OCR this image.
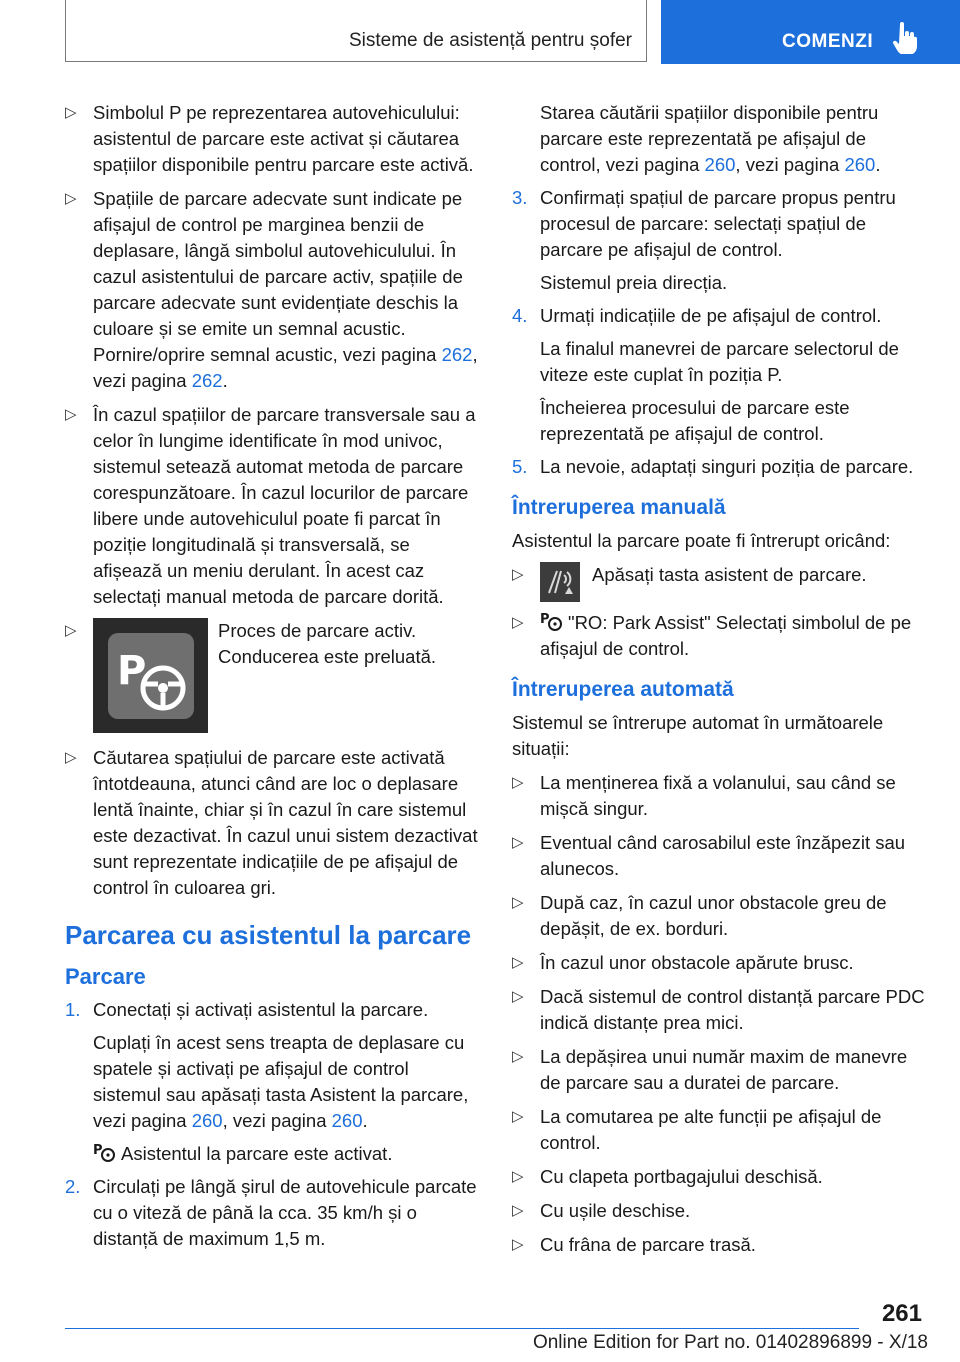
Sisteme de asistență pentru șofer	COMENZI
▷ Simbolul P pe reprezentarea autovehiculului: asistentul de parcare este activat și căutarea spațiilor disponibile pentru parcare este activă.

▷ Spațiile de parcare adecvate sunt indicate pe afișajul de control pe marginea benzii de deplasare, lângă simbolul autovehiculului. În cazul asistentului de parcare activ, spațiile de parcare adecvate sunt evidențiate deschis la culoare și se emite un semnal acustic. Pornire/oprire semnal acustic, vezi pagina 262, vezi pagina 262.

▷ În cazul spațiilor de parcare transversale sau a celor în lungime identificate în mod univoc, sistemul setează automat metoda de parcare corespunzătoare. În cazul locurilor de parcare libere unde autovehiculul poate fi parcat în poziție longitudinală și transversală, se afișează un meniu derulant. În acest caz selectați manual metoda de parcare dorită.

▷
P

Proces de parcare activ. Conducerea este preluată.

▷ Căutarea spațiului de parcare este activată întotdeauna, atunci când are loc o deplasare lentă înainte, chiar și în cazul în care sistemul este dezactivat. În cazul unui sistem dezactivat sunt reprezentate indicațiile de pe afișajul de control în culoarea gri.

Parcarea cu asistentul la parcare
Parcare
1. Conectați și activați asistentul la parcare.

Cuplați în acest sens treapta de deplasare cu spatele și activați pe afișajul de control sistemul sau apăsați tasta Asistent la parcare, vezi pagina 260, vezi pagina 260.

P Asistentul la parcare este activat.

2. Circulați pe lângă șirul de autovehicule parcate cu o viteză de până la cca. 35 km/h și o distanță de maximum 1,5 m.

Starea căutării spațiilor disponibile pentru parcare este reprezentată pe afișajul de control, vezi pagina 260, vezi pagina 260.

3. Confirmați spațiul de parcare propus pentru procesul de parcare: selectați spațiul de parcare pe afișajul de control.

Sistemul preia direcția.

4. Urmați indicațiile de pe afișajul de control.

La finalul manevrei de parcare selectorul de viteze este cuplat în poziția P.

Încheierea procesului de parcare este reprezentată pe afișajul de control.

5. La nevoie, adaptați singuri poziția de parcare.

Întreruperea manuală

Asistentul la parcare poate fi întrerupt oricând:

▷	Apăsați tasta asistent de parcare.

▷ P "RO: Park Assist" Selectați simbolul de pe afișajul de control.

Întreruperea automată

Sistemul se întrerupe automat în următoarele situații:

▷ La menținerea fixă a volanului, sau când se mișcă singur.

▷ Eventual când carosabilul este înzăpezit sau alunecos.

▷ După caz, în cazul unor obstacole greu de depășit, de ex. borduri.

▷ În cazul unor obstacole apărute brusc.

▷ Dacă sistemul de control distanță parcare PDC indică distanțe prea mici.

▷ La depășirea unui număr maxim de manevre de parcare sau a duratei de parcare.

▷ La comutarea pe alte funcții pe afișajul de control.

▷ Cu clapeta portbagajului deschisă.

▷ Cu ușile deschise.

▷ Cu frâna de parcare trasă.

261
Online Edition for Part no. 01402896899 - X/18
